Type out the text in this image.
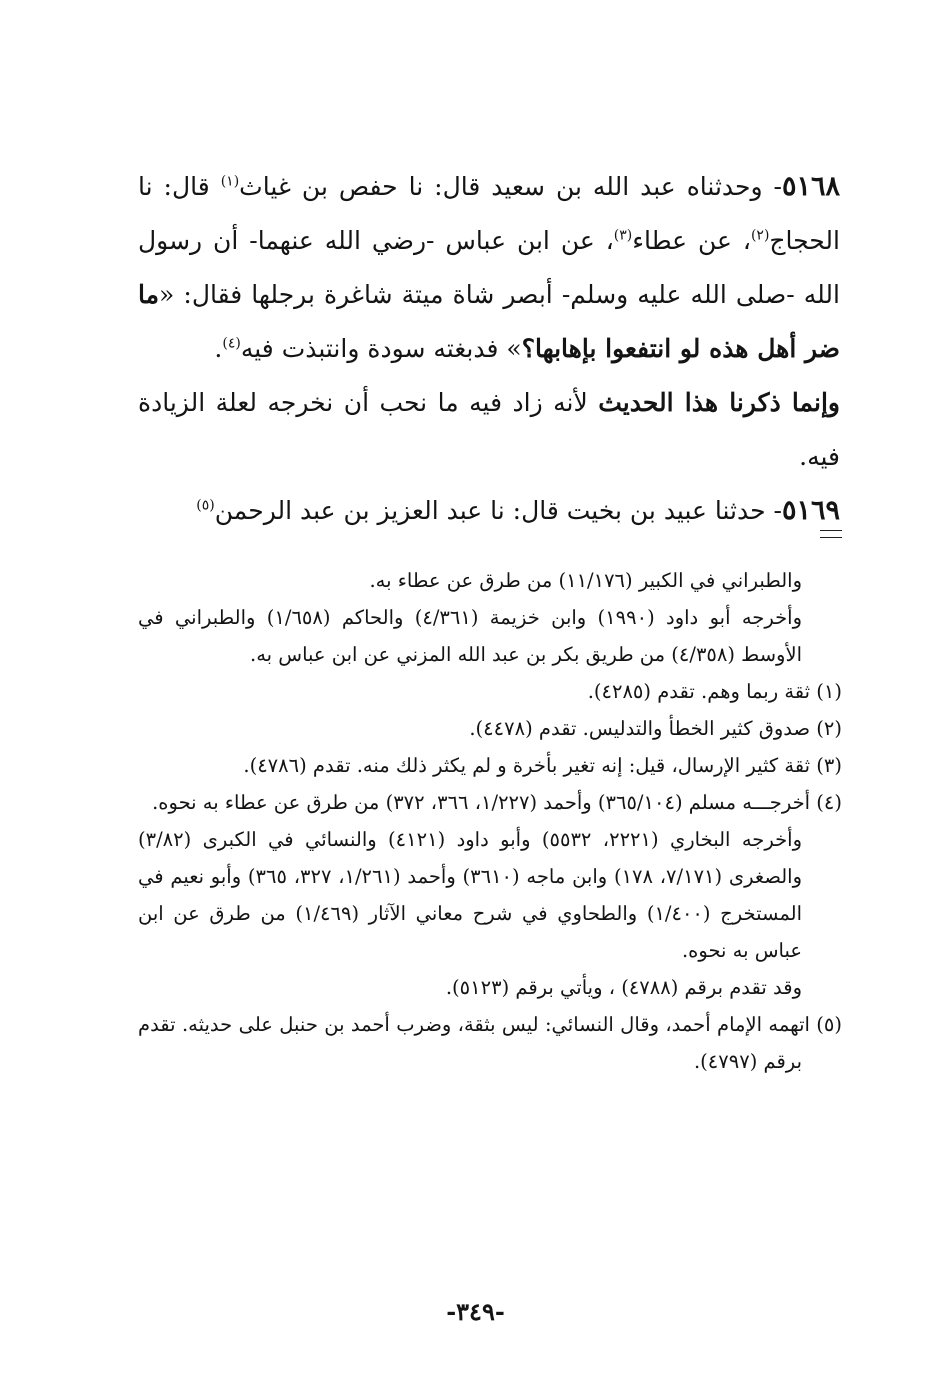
٥١٦٨- وحدثناه عبد الله بن سعيد قال: نا حفص بن غياث$^{(١)}$ قال: نا الحجاج$^{(٢)}$، عن عطاء$^{(٣)}$، عن ابن عباس -رضي الله عنهما- أن رسول الله -صلى الله عليه وسلم- أبصر شاة ميتة شاغرة برجلها فقال: «ما ضر أهل هذه لو انتفعوا بإهابها؟» فدبغته سودة وانتبذت فيه$^{(٤)}$.

وإنما ذكرنا هذا الحديث لأنه زاد فيه ما نحب أن نخرجه لعلة الزيادة فيه.

٥١٦٩- حدثنا عبيد بن بخيت قال: نا عبد العزيز بن عبد الرحمن$^{(٥)}$

والطبراني في الكبير (١١/١٧٦) من طرق عن عطاء به.

وأخرجه أبو داود (١٩٩٠) وابن خزيمة (٤/٣٦١) والحاكم (١/٦٥٨) والطبراني في الأوسط (٤/٣٥٨) من طريق بكر بن عبد الله المزني عن ابن عباس به.

(١) ثقة ربما وهم. تقدم (٤٢٨٥).

(٢) صدوق كثير الخطأ والتدليس. تقدم (٤٤٧٨).

(٣) ثقة كثير الإرسال، قيل: إنه تغير بأخرة و لم يكثر ذلك منه. تقدم (٤٧٨٦).

(٤) أخرجـــه مسلم (٣٦٥/١٠٤) وأحمد (١/٢٢٧، ٣٦٦، ٣٧٢) من طرق عن عطاء به نحوه.

وأخرجه البخاري (٢٢٢١، ٥٥٣٢) وأبو داود (٤١٢١) والنسائي في الكبرى (٣/٨٢) والصغرى (٧/١٧١، ١٧٨) وابن ماجه (٣٦١٠) وأحمد (١/٢٦١، ٣٢٧، ٣٦٥) وأبو نعيم في المستخرج (١/٤٠٠) والطحاوي في شرح معاني الآثار (١/٤٦٩) من طرق عن ابن عباس به نحوه.

وقد تقدم برقم (٤٧٨٨) ، ويأتي برقم (٥١٢٣).

(٥) اتهمه الإمام أحمد، وقال النسائي: ليس بثقة، وضرب أحمد بن حنبل على حديثه. تقدم برقم (٤٧٩٧).

-٣٤٩-
